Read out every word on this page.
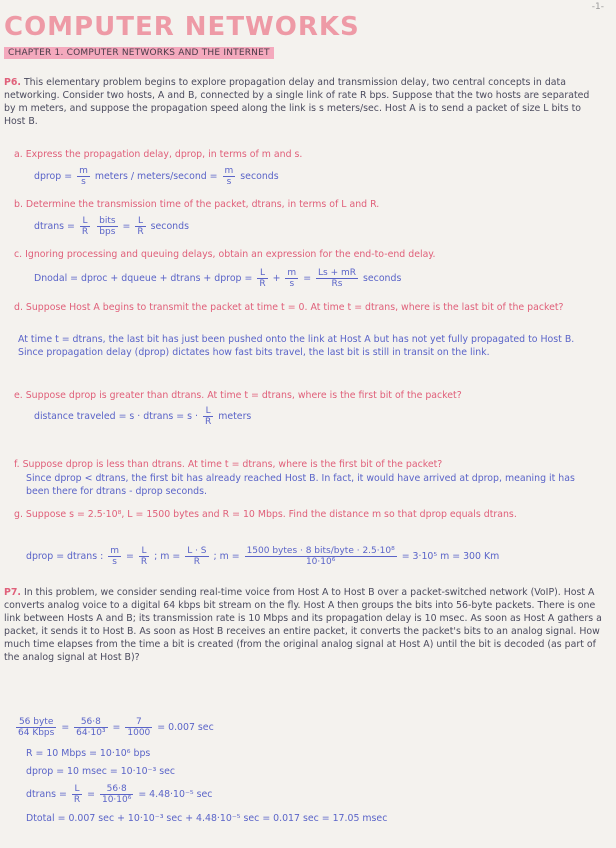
-1-
COMPUTER NETWORKS
CHAPTER 1. COMPUTER NETWORKS AND THE INTERNET
P6. This elementary problem begins to explore propagation delay and transmission delay, two central concepts in data networking. Consider two hosts, A and B, connected by a single link of rate R bps. Suppose that the two hosts are separated by m meters, and suppose the propagation speed along the link is s meters/sec. Host A is to send a packet of size L bits to Host B.
a. Express the propagation delay, dprop, in terms of m and s.
dprop = $\frac{m}{s}$ meters / meters/second = $\frac{m}{s}$ seconds
b. Determine the transmission time of the packet, dtrans, in terms of L and R.
dtrans = $\frac{L}{R}$
$\frac{\text{bits}}{\text{bps}} = \frac{L}{R}$ seconds
c. Ignoring processing and queuing delays, obtain an expression for the end-to-end delay.
Dnodal = dproc + dqueue + dtrans + dprop = $\frac{L}{R} + \frac{m}{s} = \frac{Ls + mR}{Rs}$ seconds
d. Suppose Host A begins to transmit the packet at time t = 0. At time t = dtrans, where is the last bit of the packet?
At time t = dtrans, the last bit has just been pushed onto the link at Host A but has not yet fully propagated to Host B. Since propagation delay (dprop) dictates how fast bits travel, the last bit is still in transit on the link.
e. Suppose dprop is greater than dtrans. At time t = dtrans, where is the first bit of the packet?
distance traveled = s · dtrans = $s \cdot \frac{L}{R}$ meters
f. Suppose dprop is less than dtrans. At time t = dtrans, where is the first bit of the packet?
Since dprop < dtrans, the first bit has already reached Host B. In fact, it would have arrived at dprop, meaning it has been there for dtrans - dprop seconds.
g. Suppose s = 2.5·10⁸, L = 1500 bytes and R = 10 Mbps. Find the distance m so that dprop equals dtrans.
dprop = dtrans : $\frac{m}{s} = \frac{L}{R}$ ; $m = \frac{L \cdot S}{R}$ ; $m = \frac{\text{1500 bytes · 8 bits/byte · 2.5·10⁸}}{\text{10·10⁶}} = 3\cdot 10^5$ m = 300 Km
P7. In this problem, we consider sending real-time voice from Host A to Host B over a packet-switched network (VoIP). Host A converts analog voice to a digital 64 kbps bit stream on the fly. Host A then groups the bits into 56-byte packets. There is one link between Hosts A and B; its transmission rate is 10 Mbps and its propagation delay is 10 msec. As soon as Host A gathers a packet, it sends it to Host B. As soon as Host B receives an entire packet, it converts the packet's bits to an analog signal. How much time elapses from the time a bit is created (from the original analog signal at Host A) until the bit is decoded (as part of the analog signal at Host B)?
$\frac{\text{56 byte}}{\text{64 Kbps}} = \frac{56\cdot 8}{\text{64·10³}} = \frac{7}{1000} = 0.007$ sec
R = 10 Mbps = 10·10⁶ bps
dprop = 10 msec = 10·10⁻³ sec
dtrans = $\frac{L}{R} = \frac{56\cdot 8}{\text{10·10⁶}} = 4.48\cdot 10^{-5}$ sec
Dtotal = 0.007 sec + 10·10⁻³ sec + 4.48·10⁻⁵ sec = 0.017 sec = 17.05 msec
